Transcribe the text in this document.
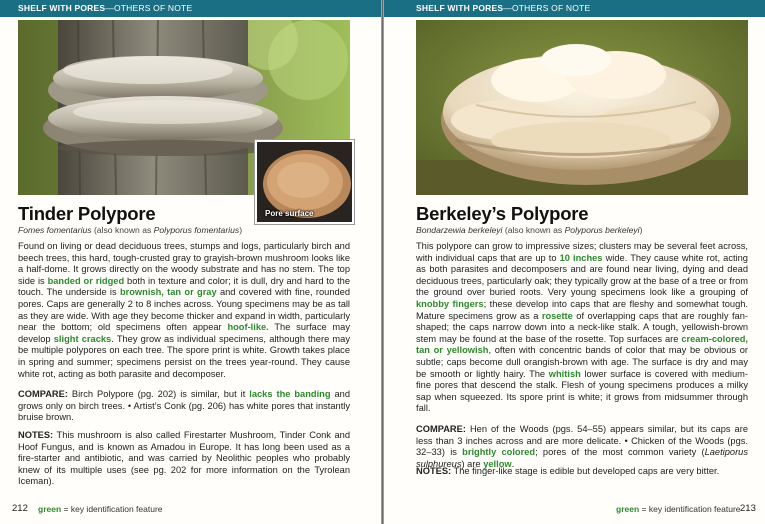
SHELF WITH PORES—OTHERS OF NOTE
Pore surface
Tinder Polypore
Fomes fomentarius (also known as Polyporus fomentarius)
Found on living or dead deciduous trees, stumps and logs, particularly birch and beech trees, this hard, tough-crusted gray to grayish-brown mushroom looks like a half-dome. It grows directly on the woody substrate and has no stem. The top side is banded or ridged both in texture and color; it is dull, dry and hard to the touch. The underside is brownish, tan or gray and covered with fine, rounded pores. Caps are generally 2 to 8 inches across. Young specimens may be as tall as they are wide. With age they become thicker and expand in width, particularly near the bottom; old specimens often appear hoof-like. The surface may develop slight cracks. They grow as individual specimens, although there may be multiple polypores on each tree. The spore print is white. Growth takes place in spring and summer; specimens persist on the trees year-round. They cause white rot, acting as both parasite and decomposer.
COMPARE: Birch Polypore (pg. 202) is similar, but it lacks the banding and grows only on birch trees. • Artist’s Conk (pg. 206) has white pores that instantly bruise brown.
NOTES: This mushroom is also called Firestarter Mushroom, Tinder Conk and Hoof Fungus, and is known as Amadou in Europe. It has long been used as a fire-starter and antibiotic, and was carried by Neolithic peoples who probably knew of its multiple uses (see pg. 202 for more information on the Tyrolean Iceman).
212 green = key identification feature
SHELF WITH PORES—OTHERS OF NOTE
Berkeley’s Polypore
Bondarzewia berkeleyi (also known as Polyporus berkeleyi)
This polypore can grow to impressive sizes; clusters may be several feet across, with individual caps that are up to 10 inches wide. They cause white rot, acting as both parasites and decomposers and are found near living, dying and dead deciduous trees, particularly oak; they typically grow at the base of a tree or from the ground over buried roots. Very young specimens look like a grouping of knobby fingers; these develop into caps that are fleshy and somewhat tough. Mature specimens grow as a rosette of overlapping caps that are roughly fan-shaped; the caps narrow down into a neck-like stalk. A tough, yellowish-brown stem may be found at the base of the rosette. Top surfaces are cream-colored, tan or yellowish, often with concentric bands of color that may be obvious or subtle; caps become dull orangish-brown with age. The surface is dry and may be smooth or lightly hairy. The whitish lower surface is covered with medium-fine pores that descend the stalk. Flesh of young specimens produces a milky sap when squeezed. Its spore print is white; it grows from midsummer through fall.
COMPARE: Hen of the Woods (pgs. 54–55) appears similar, but its caps are less than 3 inches across and are more delicate. • Chicken of the Woods (pgs. 32–33) is brightly colored; pores of the most common variety (Laetiporus sulphureus) are yellow.
NOTES: The finger-like stage is edible but developed caps are very bitter.
green = key identification feature 213
